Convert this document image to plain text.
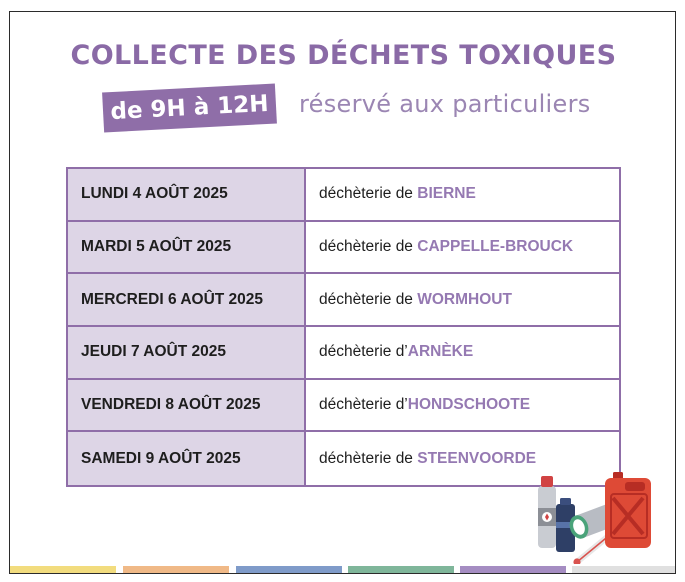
COLLECTE DES DÉCHETS TOXIQUES
de 9H à 12H	réservé aux particuliers
LUNDI 4 AOÛT 2025	déchèterie de BIERNE
MARDI 5 AOÛT 2025	déchèterie de CAPPELLE-BROUCK
MERCREDI 6 AOÛT 2025	déchèterie de WORMHOUT
JEUDI 7 AOÛT 2025	déchèterie d’ ARNÈKE
VENDREDI 8 AOÛT 2025	déchèterie d’ HONDSCHOOTE
SAMEDI 9 AOÛT 2025	déchèterie de STEENVOORDE
